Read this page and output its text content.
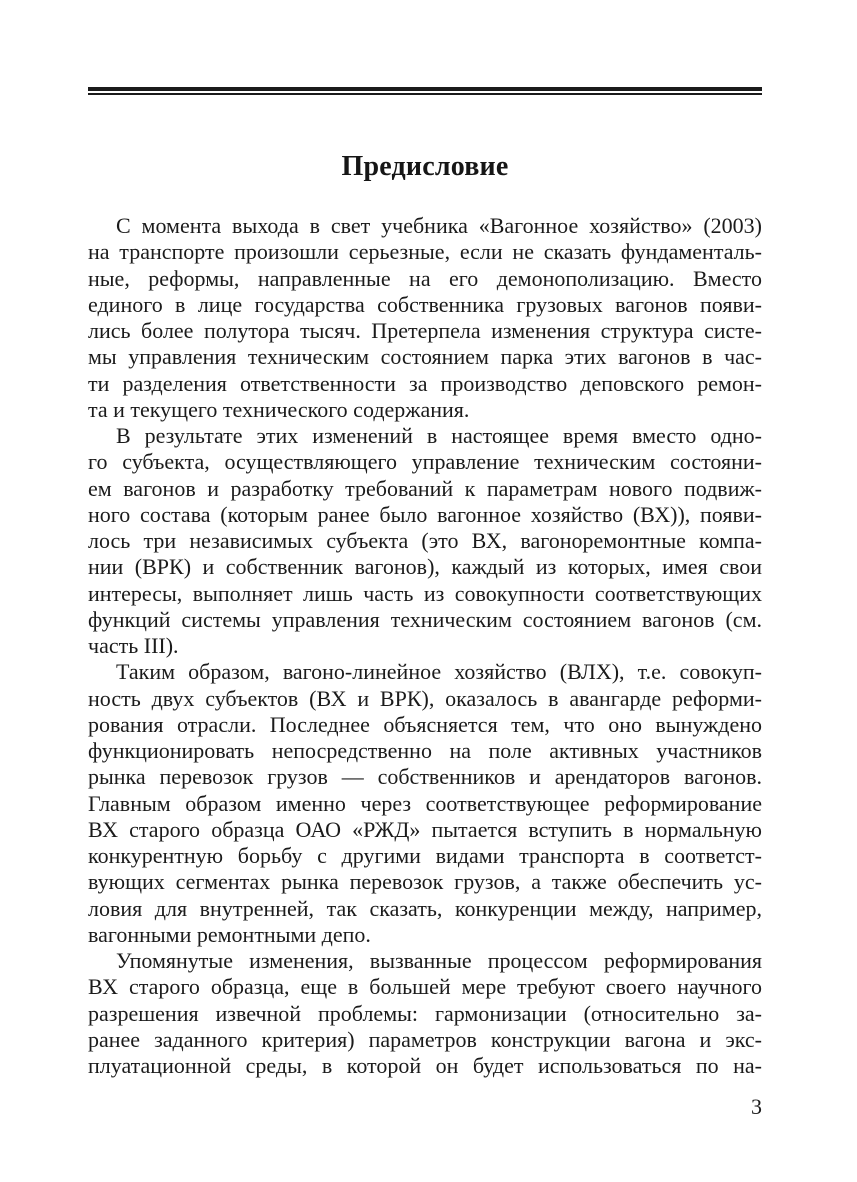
Предисловие
С момента выхода в свет учебника «Вагонное хозяйство» (2003)
на транспорте произошли серьезные, если не сказать фундаменталь-
ные, реформы, направленные на его демонополизацию. Вместо
единого в лице государства собственника грузовых вагонов появи-
лись более полутора тысяч. Претерпела изменения структура систе-
мы управления техническим состоянием парка этих вагонов в час-
ти разделения ответственности за производство деповского ремон-
та и текущего технического содержания.
В результате этих изменений в настоящее время вместо одно-
го субъекта, осуществляющего управление техническим состояни-
ем вагонов и разработку требований к параметрам нового подвиж-
ного состава (которым ранее было вагонное хозяйство (ВХ)), появи-
лось три независимых субъекта (это ВХ, вагоноремонтные компа-
нии (ВРК) и собственник вагонов), каждый из которых, имея свои
интересы, выполняет лишь часть из совокупности соответствующих
функций системы управления техническим состоянием вагонов (см.
часть III).
Таким образом, вагоно-линейное хозяйство (ВЛХ), т.е. совокуп-
ность двух субъектов (ВХ и ВРК), оказалось в авангарде реформи-
рования отрасли. Последнее объясняется тем, что оно вынуждено
функционировать непосредственно на поле активных участников
рынка перевозок грузов — собственников и арендаторов вагонов.
Главным образом именно через соответствующее реформирование
ВХ старого образца ОАО «РЖД» пытается вступить в нормальную
конкурентную борьбу с другими видами транспорта в соответст-
вующих сегментах рынка перевозок грузов, а также обеспечить ус-
ловия для внутренней, так сказать, конкуренции между, например,
вагонными ремонтными депо.
Упомянутые изменения, вызванные процессом реформирования
ВХ старого образца, еще в большей мере требуют своего научного
разрешения извечной проблемы: гармонизации (относительно за-
ранее заданного критерия) параметров конструкции вагона и экс-
плуатационной среды, в которой он будет использоваться по на-
3
